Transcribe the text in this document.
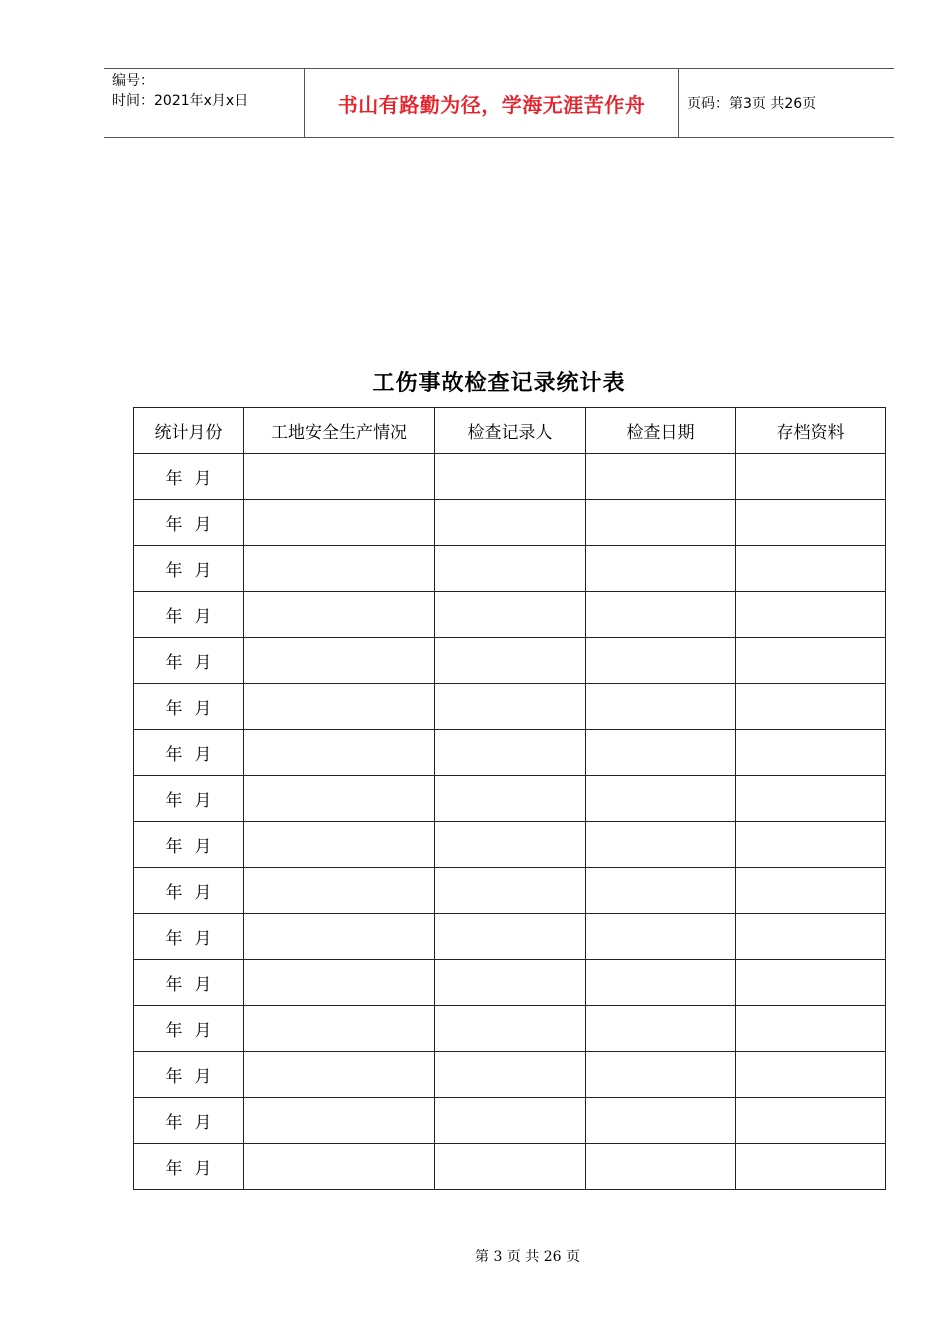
编号：
时间：2021年x月x日	书山有路勤为径，学海无涯苦作舟	页码：第3页 共26页
工伤事故检查记录统计表
统计月份	工地安全生产情况	检查记录人	检查日期	存档资料
年 月				
年 月				
年 月				
年 月				
年 月				
年 月				
年 月				
年 月				
年 月				
年 月				
年 月				
年 月				
年 月				
年 月				
年 月				
年 月				
第 3 页 共 26 页
